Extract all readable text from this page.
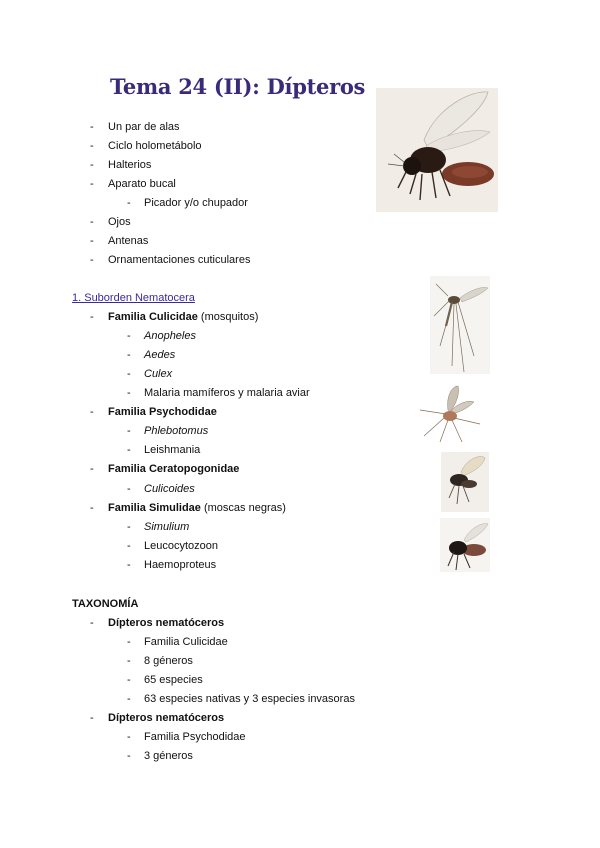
Tema 24 (II): Dípteros
- Un par de alas
- Ciclo holometábolo
- Halterios
- Aparato bucal
- Picador y/o chupador
- Ojos
- Antenas
- Ornamentaciones cuticulares
1. Suborden Nematocera
- Familia Culicidae (mosquitos)
- Anopheles
- Aedes
- Culex
- Malaria mamíferos y malaria aviar
- Familia Psychodidae
- Phlebotomus
- Leishmania
- Familia Ceratopogonidae
- Culicoides
- Familia Simulidae (moscas negras)
- Simulium
- Leucocytozoon
- Haemoproteus
TAXONOMÍA
- Dípteros nematóceros
- Familia Culicidae
- 8 géneros
- 65 especies
- 63 especies nativas y 3 especies invasoras
- Dípteros nematóceros
- Familia Psychodidae
- 3 géneros
